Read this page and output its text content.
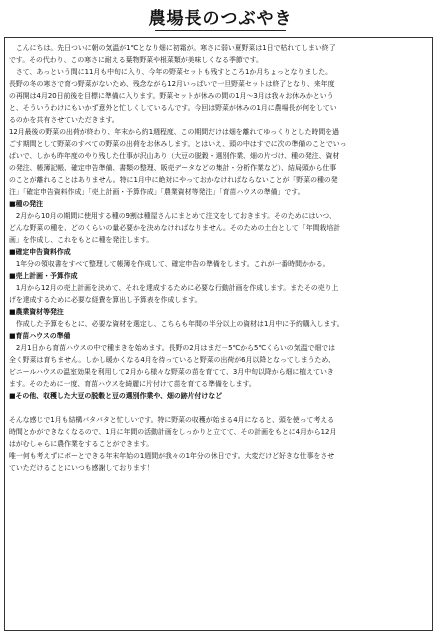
農場長のつぶやき
　こんにちは。先日ついに朝の気温が1℃となり畑に初霜が。寒さに弱い夏野菜は1日で枯れてしまい終了
です。その代わり、この寒さに耐える葉物野菜や根菜類が美味しくなる季節です。
　さて、あっという間に11月も中旬に入り、今年の野菜セットも残すところ1か月ちょっとなりました。
長野の冬の寒さで育つ野菜がないため、残念ながら12月いっぱいで一旦野菜セットは終了となり、来年度
の再開は4月20日前後を目標に準備に入ります。野菜セットが休みの間の1月～3月は我々お休みかという
と、そういうわけにもいかず意外と忙しくしているんです。今回は野菜が休みの1月に農場長が何をしてい
るのかを共有させていただきます。
12月最後の野菜の出荷が終わり、年末から約1週程度、この期間だけは畑を離れてゆっくりとした時間を過
ごす期間として野菜のすべての野菜の出荷をお休みします。とはいえ、頭の中はすでに次の準備のことでいっ
ぱいで、しかも昨年度のやり残した仕事が沢山あり（大豆の脱穀・選別作業、畑の片づけ、種の発注、資材
の発注、帳簿記帳、確定申告準備、書類の整理、販売データなどの集計・分析作業など）、結局頭から仕事
のことが離れることはありません。特に1月中に絶対にやっておかなければならないことが「野菜の種の発
注」「確定申告資料作成」「売上計画・予算作成」「農業資材等発注」「育苗ハウスの準備」です。
■種の発注
　2月から10月の期間に使用する種の9割は種屋さんにまとめて注文をしておきます。そのためにはいつ、
どんな野菜の種を、どのくらいの量必要かを決めなければなりません。そのための土台として「年間栽培計
画」を作成し、これをもとに種を発注します。
■確定申告資料作成
　1年分の領収書をすべて整理して帳簿を作成して、確定申告の準備をします。これが一番時間かかる。
■売上計画・予算作成
　1月から12月の売上計画を決めて、それを達成するために必要な行動計画を作成します。またその売り上
げを達成するために必要な経費を算出し予算表を作成します。
■農業資材等発注
　作成した予算をもとに、必要な資材を選定し、こちらも年間の半分以上の資材は1月中に予約購入します。
■育苗ハウスの準備
　2月1日から育苗ハウスの中で種まきを始めます。長野の2月はまだ－5℃から5℃くらいの気温で畑では
全く野菜は育ちません。しかし暖かくなる4月を待っていると野菜の出荷が6月以降となってしまうため、
ビニールハウスの温室効果を利用して2月から様々な野菜の苗を育てて、3月中旬以降から畑に植えていき
ます。そのために一度、育苗ハウスを綺麗に片付けて苗を育てる準備をします。
■その他、収穫した大豆の脱穀と豆の選別作業や、畑の跡片付けなど
そんな感じで1月も結構バタバタと忙しいです。特に野菜の収穫が始まる4月になると、頭を使って考える
時間とかができなくなるので、1月に年間の活動計画をしっかりと立てて、その計画をもとに4月から12月
はがむしゃらに農作業をすることができます。
唯一何も考えずにボーとできる年末年始の1週間が我々の1年分の休日です。大変だけど好きな仕事をさせ
ていただけることにいつも感謝しております！
